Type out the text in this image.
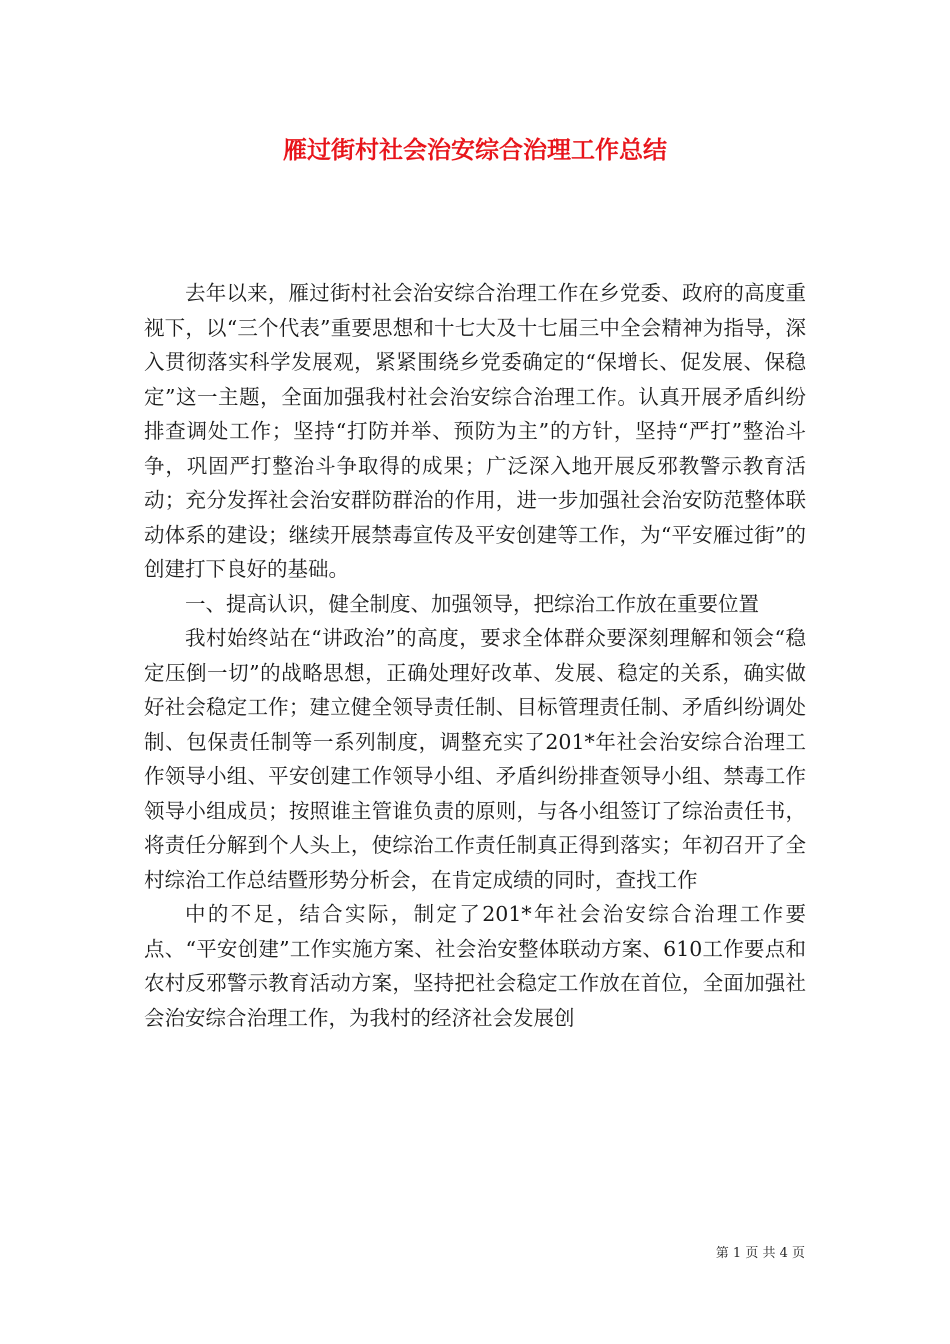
雁过街村社会治安综合治理工作总结

去年以来，雁过街村社会治安综合治理工作在乡党委、政府的高度重视下，以“三个代表”重要思想和十七大及十七届三中全会精神为指导，深入贯彻落实科学发展观，紧紧围绕乡党委确定的“保增长、促发展、保稳定”这一主题，全面加强我村社会治安综合治理工作。认真开展矛盾纠纷排查调处工作；坚持“打防并举、预防为主”的方针，坚持“严打”整治斗争，巩固严打整治斗争取得的成果；广泛深入地开展反邪教警示教育活动；充分发挥社会治安群防群治的作用，进一步加强社会治安防范整体联动体系的建设；继续开展禁毒宣传及平安创建等工作，为“平安雁过街”的创建打下良好的基础。

一、提高认识，健全制度、加强领导，把综治工作放在重要位置

我村始终站在“讲政治”的高度，要求全体群众要深刻理解和领会“稳定压倒一切”的战略思想，正确处理好改革、发展、稳定的关系，确实做好社会稳定工作；建立健全领导责任制、目标管理责任制、矛盾纠纷调处制、包保责任制等一系列制度，调整充实了201*年社会治安综合治理工作领导小组、平安创建工作领导小组、矛盾纠纷排查领导小组、禁毒工作领导小组成员；按照谁主管谁负责的原则，与各小组签订了综治责任书，将责任分解到个人头上，使综治工作责任制真正得到落实；年初召开了全村综治工作总结暨形势分析会，在肯定成绩的同时，查找工作

中的不足，结合实际，制定了201*年社会治安综合治理工作要点、“平安创建”工作实施方案、社会治安整体联动方案、610工作要点和农村反邪警示教育活动方案，坚持把社会稳定工作放在首位，全面加强社会治安综合治理工作，为我村的经济社会发展创

第 1 页 共 4 页
